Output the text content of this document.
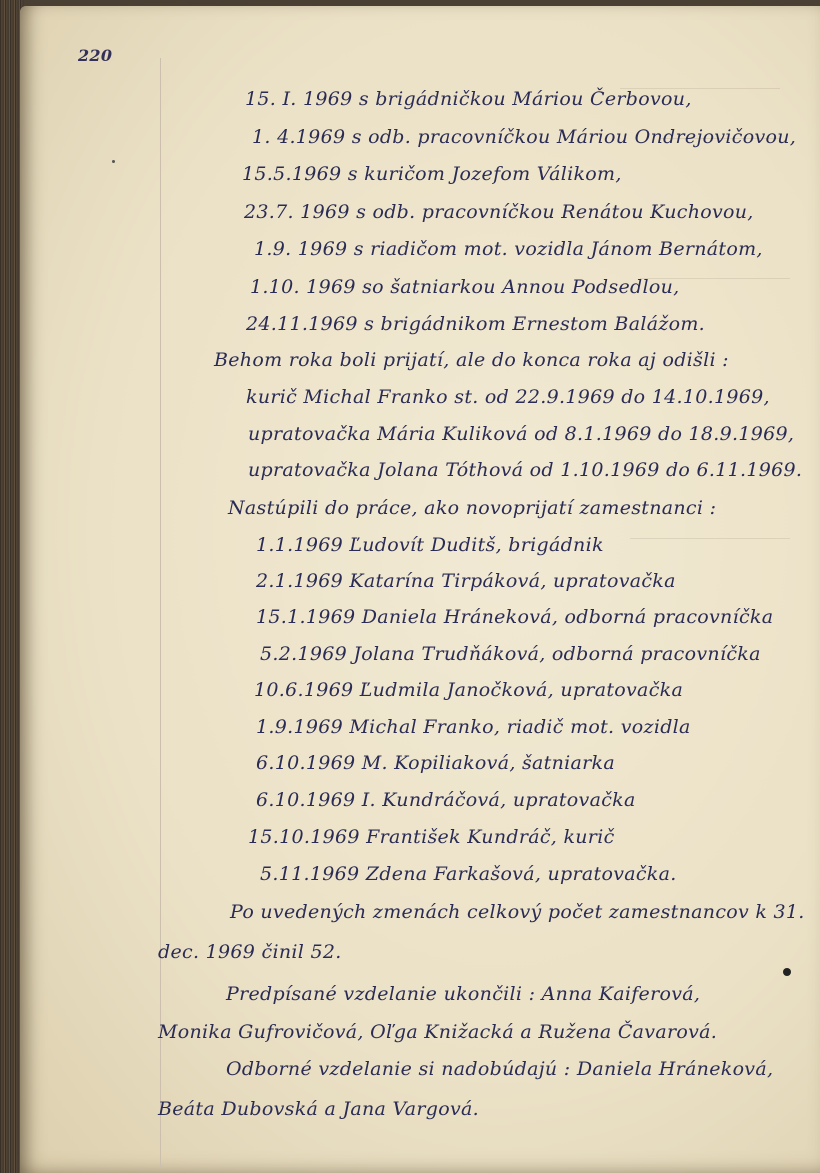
220
15. I. 1969 s brigádničkou Máriou Čerbovou,
1. 4.1969 s odb. pracovníčkou Máriou Ondrejovičovou,
15.5.1969 s kuričom Jozefom Válikom,
23.7. 1969 s odb. pracovníčkou Renátou Kuchovou,
1.9. 1969 s riadičom mot. vozidla Jánom Bernátom,
1.10. 1969 so šatniarkou Annou Podsedlou,
24.11.1969 s brigádnikom Ernestom Balážom.
Behom roka boli prijatí, ale do konca roka aj odišli :
kurič Michal Franko st. od 22.9.1969 do 14.10.1969,
upratovačka Mária Kuliková od 8.1.1969 do 18.9.1969,
upratovačka Jolana Tóthová od 1.10.1969 do 6.11.1969.
Nastúpili do práce, ako novoprijatí zamestnanci :
1.1.1969 Ľudovít Duditš, brigádnik
2.1.1969 Katarína Tirpáková, upratovačka
15.1.1969 Daniela Hráneková, odborná pracovníčka
5.2.1969 Jolana Trudňáková, odborná pracovníčka
10.6.1969 Ľudmila Janočková, upratovačka
1.9.1969 Michal Franko, riadič mot. vozidla
6.10.1969 M. Kopiliaková, šatniarka
6.10.1969 I. Kundráčová, upratovačka
15.10.1969 František Kundráč, kurič
5.11.1969 Zdena Farkašová, upratovačka.
Po uvedených zmenách celkový počet zamestnancov k 31.
dec. 1969 činil 52.
Predpísané vzdelanie ukončili : Anna Kaiferová,
Monika Gufrovičová, Oľga Knižacká a Ružena Čavarová.
Odborné vzdelanie si nadobúdajú : Daniela Hráneková,
Beáta Dubovská a Jana Vargová.
